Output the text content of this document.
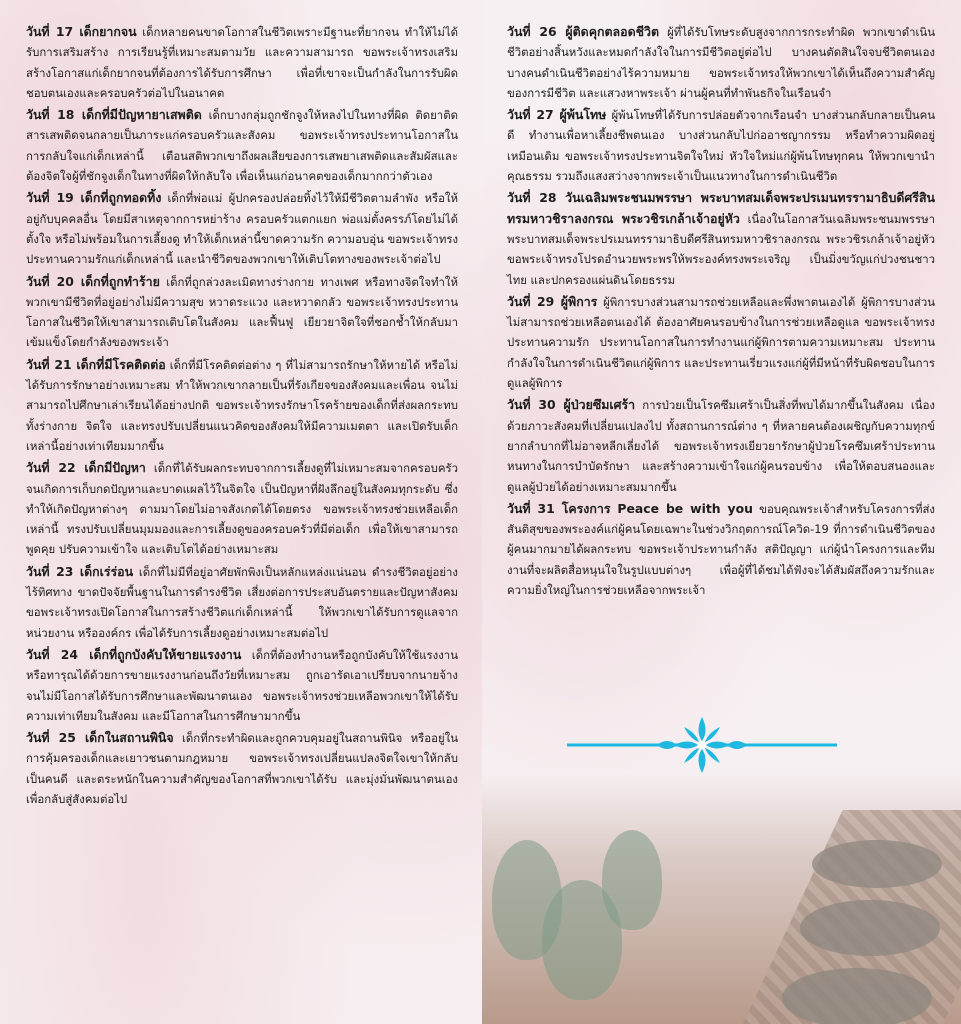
วันที่ 17 เด็กยากจน เด็กหลายคนขาดโอกาสในชีวิตเพราะมีฐานะที่ยากจน ทำให้ไม่ได้รับการเสริมสร้าง การเรียนรู้ที่เหมาะสมตามวัย และความสามารถ ขอพระเจ้าทรงเสริมสร้างโอกาสแก่เด็กยากจนที่ต้องการได้รับการศึกษา เพื่อที่เขาจะเป็นกำลังในการรับผิดชอบตนเองและครอบครัวต่อไปในอนาคต

วันที่ 18 เด็กที่มีปัญหายาเสพติด เด็กบางกลุ่มถูกชักจูงให้หลงไปในทางที่ผิด ติดยาติดสารเสพติดจนกลายเป็นภาระแก่ครอบครัวและสังคม ขอพระเจ้าทรงประทานโอกาสในการกลับใจแก่เด็กเหล่านี้ เตือนสติพวกเขาถึงผลเสียของการเสพยาเสพติดและสัมผัสและต้องจิตใจผู้ที่ชักจูงเด็กในทางที่ผิดให้กลับใจ เพื่อเห็นแก่อนาคตของเด็กมากกว่าตัวเอง

วันที่ 19 เด็กที่ถูกทอดทิ้ง เด็กที่พ่อแม่ ผู้ปกครองปล่อยทิ้งไว้ให้มีชีวิตตามลำพัง หรือให้อยู่กับบุคคลอื่น โดยมีสาเหตุจากการหย่าร้าง ครอบครัวแตกแยก พ่อแม่ตั้งครรภ์โดยไม่ได้ตั้งใจ หรือไม่พร้อมในการเลี้ยงดู ทำให้เด็กเหล่านี้ขาดความรัก ความอบอุ่น ขอพระเจ้าทรงประทานความรักแก่เด็กเหล่านี้ และนำชีวิตของพวกเขาให้เติบโตทางของพระเจ้าต่อไป

วันที่ 20 เด็กที่ถูกทำร้าย เด็กที่ถูกล่วงละเมิดทางร่างกาย ทางเพศ หรือทางจิตใจทำให้พวกเขามีชีวิตที่อยู่อย่างไม่มีความสุข หวาดระแวง และหวาดกลัว ขอพระเจ้าทรงประทานโอกาสในชีวิตให้เขาสามารถเติบโตในสังคม และฟื้นฟู เยียวยาจิตใจที่ชอกช้ำให้กลับมาเข้มแข็งโดยกำลังของพระเจ้า

วันที่ 21 เด็กที่มีโรคติดต่อ เด็กที่มีโรคติดต่อต่าง ๆ ที่ไม่สามารถรักษาให้หายได้ หรือไม่ได้รับการรักษาอย่างเหมาะสม ทำให้พวกเขากลายเป็นที่รังเกียจของสังคมและเพื่อน จนไม่สามารถไปศึกษาเล่าเรียนได้อย่างปกติ ขอพระเจ้าทรงรักษาโรคร้ายของเด็กที่ส่งผลกระทบทั้งร่างกาย จิตใจ และทรงปรับเปลี่ยนแนวคิดของสังคมให้มีความเมตตา และเปิดรับเด็กเหล่านี้อย่างเท่าเทียมมากขึ้น

วันที่ 22 เด็กมีปัญหา เด็กที่ได้รับผลกระทบจากการเลี้ยงดูที่ไม่เหมาะสมจากครอบครัว จนเกิดการเก็บกดปัญหาและบาดแผลไว้ในจิตใจ เป็นปัญหาที่ฝังลึกอยู่ในสังคมทุกระดับ ซึ่งทำให้เกิดปัญหาต่างๆ ตามมาโดยไม่อาจสังเกตได้โดยตรง ขอพระเจ้าทรงช่วยเหลือเด็กเหล่านี้ ทรงปรับเปลี่ยนมุมมองและการเลี้ยงดูของครอบครัวที่มีต่อเด็ก เพื่อให้เขาสามารถพูดคุย ปรับความเข้าใจ และเติบโตได้อย่างเหมาะสม

วันที่ 23 เด็กเร่ร่อน เด็กที่ไม่มีที่อยู่อาศัยพักพิงเป็นหลักแหล่งแน่นอน ดำรงชีวิตอยู่อย่างไร้ทิศทาง ขาดปัจจัยพื้นฐานในการดำรงชีวิต เสี่ยงต่อการประสบอันตรายและปัญหาสังคม ขอพระเจ้าทรงเปิดโอกาสในการสร้างชีวิตแก่เด็กเหล่านี้ ให้พวกเขาได้รับการดูแลจากหน่วยงาน หรือองค์กร เพื่อได้รับการเลี้ยงดูอย่างเหมาะสมต่อไป

วันที่ 24 เด็กที่ถูกบังคับให้ขายแรงงาน เด็กที่ต้องทำงานหรือถูกบังคับให้ใช้แรงงาน หรือทารุณได้ด้วยการขายแรงงานก่อนถึงวัยที่เหมาะสม ถูกเอารัดเอาเปรียบจากนายจ้างจนไม่มีโอกาสได้รับการศึกษาและพัฒนาตนเอง ขอพระเจ้าทรงช่วยเหลือพวกเขาให้ได้รับความเท่าเทียมในสังคม และมีโอกาสในการศึกษามากขึ้น

วันที่ 25 เด็กในสถานพินิจ เด็กที่กระทำผิดและถูกควบคุมอยู่ในสถานพินิจ หรืออยู่ในการคุ้มครองเด็กและเยาวชนตามกฎหมาย ขอพระเจ้าทรงเปลี่ยนแปลงจิตใจเขาให้กลับเป็นคนดี และตระหนักในความสำคัญของโอกาสที่พวกเขาได้รับ และมุ่งมั่นพัฒนาตนเองเพื่อกลับสู่สังคมต่อไป

วันที่ 26 ผู้ติดคุกตลอดชีวิต ผู้ที่ได้รับโทษระดับสูงจากการกระทำผิด พวกเขาดำเนินชีวิตอย่างสิ้นหวังและหมดกำลังใจในการมีชีวิตอยู่ต่อไป บางคนตัดสินใจจบชีวิตตนเอง บางคนดำเนินชีวิตอย่างไร้ความหมาย ขอพระเจ้าทรงให้พวกเขาได้เห็นถึงความสำคัญของการมีชีวิต และแสวงหาพระเจ้า ผ่านผู้คนที่ทำพันธกิจในเรือนจำ

วันที่ 27 ผู้พ้นโทษ ผู้พ้นโทษที่ได้รับการปล่อยตัวจากเรือนจำ บางส่วนกลับกลายเป็นคนดี ทำงานเพื่อหาเลี้ยงชีพตนเอง บางส่วนกลับไปก่ออาชญากรรม หรือทำความผิดอยู่เหมือนเดิม ขอพระเจ้าทรงประทานจิตใจใหม่ หัวใจใหม่แก่ผู้พ้นโทษทุกคน ให้พวกเขานำคุณธรรม รวมถึงแสงสว่างจากพระเจ้าเป็นแนวทางในการดำเนินชีวิต

วันที่ 28 วันเฉลิมพระชนมพรรษา พระบาทสมเด็จพระปรเมนทรรามาธิบดีศรีสินทรมหาวชิราลงกรณ พระวชิรเกล้าเจ้าอยู่หัว เนื่องในโอกาสวันเฉลิมพระชนมพรรษา พระบาทสมเด็จพระปรเมนทรรามาธิบดีศรีสินทรมหาวชิราลงกรณ พระวชิรเกล้าเจ้าอยู่หัว ขอพระเจ้าทรงโปรดอำนวยพระพรให้พระองค์ทรงพระเจริญ เป็นมิ่งขวัญแก่ปวงชนชาวไทย และปกครองแผ่นดินโดยธรรม

วันที่ 29 ผู้พิการ ผู้พิการบางส่วนสามารถช่วยเหลือและพึ่งพาตนเองได้ ผู้พิการบางส่วนไม่สามารถช่วยเหลือตนเองได้ ต้องอาศัยคนรอบข้างในการช่วยเหลือดูแล ขอพระเจ้าทรงประทานความรัก ประทานโอกาสในการทำงานแก่ผู้พิการตามความเหมาะสม ประทานกำลังใจในการดำเนินชีวิตแก่ผู้พิการ และประทานเรี่ยวแรงแก่ผู้ที่มีหน้าที่รับผิดชอบในการดูแลผู้พิการ

วันที่ 30 ผู้ป่วยซึมเศร้า การป่วยเป็นโรคซึมเศร้าเป็นสิ่งที่พบได้มากขึ้นในสังคม เนื่องด้วยภาวะสังคมที่เปลี่ยนแปลงไป ทั้งสถานการณ์ต่าง ๆ ที่หลายคนต้องเผชิญกับความทุกข์ยากลำบากที่ไม่อาจหลีกเลี่ยงได้ ขอพระเจ้าทรงเยียวยารักษาผู้ป่วยโรคซึมเศร้าประทานหนทางในการบำบัดรักษา และสร้างความเข้าใจแก่ผู้คนรอบข้าง เพื่อให้ตอบสนองและดูแลผู้ป่วยได้อย่างเหมาะสมมากขึ้น

วันที่ 31 โครงการ Peace be with you ขอบคุณพระเจ้าสำหรับโครงการที่ส่งสันติสุขของพระองค์แก่ผู้คนโดยเฉพาะในช่วงวิกฤตการณ์โควิด-19 ที่การดำเนินชีวิตของผู้คนมากมายได้ผลกระทบ ขอพระเจ้าประทานกำลัง สติปัญญา แก่ผู้นำโครงการและทีมงานที่จะผลิตสื่อหนุนใจในรูปแบบต่างๆ เพื่อผู้ที่ได้ชมได้ฟังจะได้สัมผัสถึงความรักและความยิ่งใหญ่ในการช่วยเหลือจากพระเจ้า
